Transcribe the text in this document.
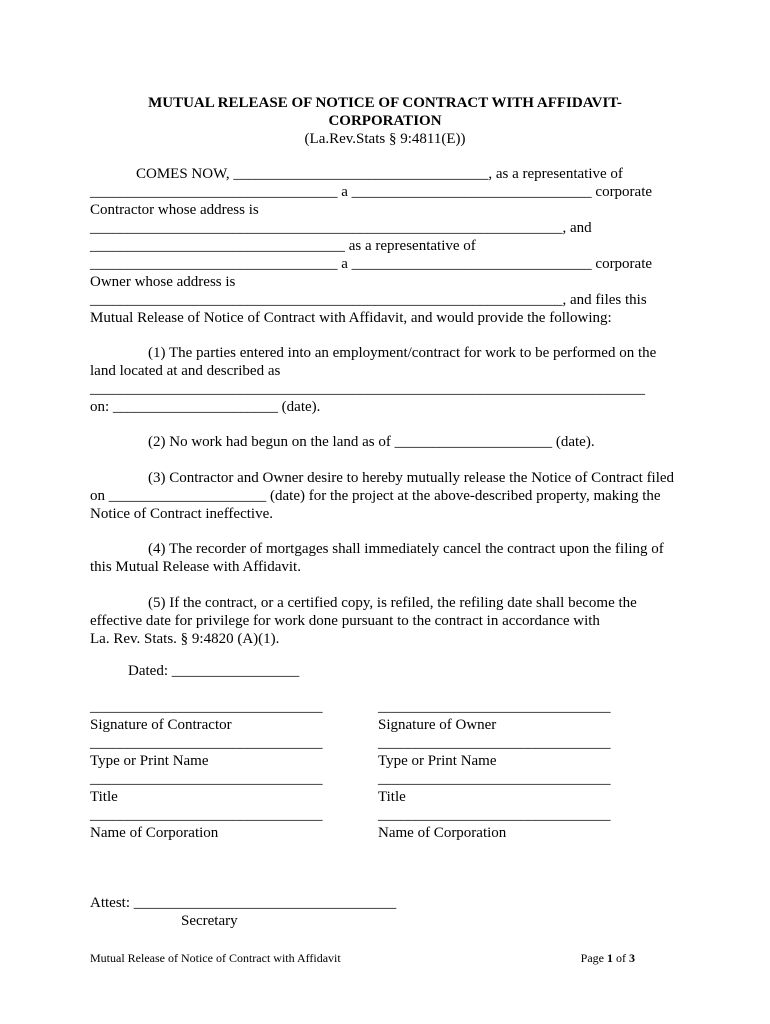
MUTUAL RELEASE OF NOTICE OF CONTRACT WITH AFFIDAVIT-
CORPORATION
(La.Rev.Stats § 9:4811(E))
COMES NOW, __________________________________, as a representative of
_________________________________ a ________________________________ corporate
Contractor whose address is
_______________________________________________________________, and
__________________________________ as a representative of
_________________________________ a ________________________________ corporate
Owner whose address is
_______________________________________________________________, and files this
Mutual Release of Notice of Contract with Affidavit, and would provide the following:
(1) The parties entered into an employment/contract for work to be performed on the
land located at and described as
__________________________________________________________________________
on: ______________________ (date).
(2) No work had begun on the land as of _____________________ (date).
(3) Contractor and Owner desire to hereby mutually release the Notice of Contract filed
on _____________________ (date) for the project at the above-described property, making the
Notice of Contract ineffective.
(4) The recorder of mortgages shall immediately cancel the contract upon the filing of
this Mutual Release with Affidavit.
(5) If the contract, or a certified copy, is refiled, the refiling date shall become the
effective date for privilege for work done pursuant to the contract in accordance with
La. Rev. Stats. § 9:4820 (A)(1).
Dated: _________________
_______________________________	_______________________________
Signature of Contractor	Signature of Owner
_______________________________	_______________________________
Type or Print Name	Type or Print Name
_______________________________	_______________________________
Title	Title
_______________________________	_______________________________
Name of Corporation	Name of Corporation
Attest: ___________________________________
Secretary
Mutual Release of Notice of Contract with Affidavit	Page 1 of 3
